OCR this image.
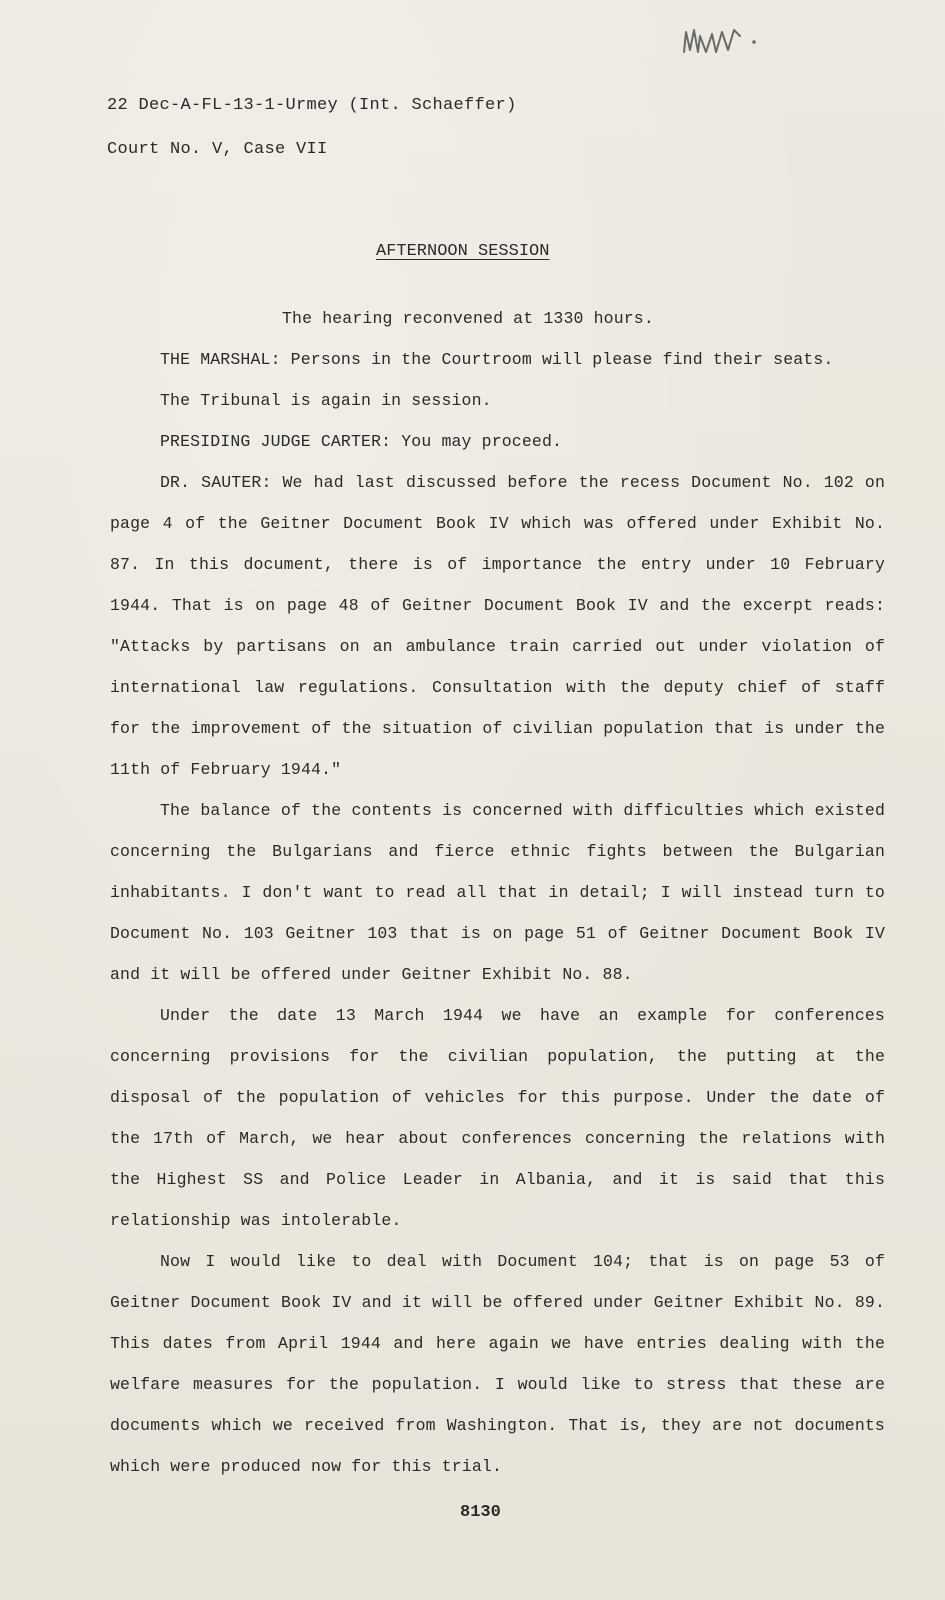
22 Dec-A-FL-13-1-Urmey (Int. Schaeffer)
Court No. V, Case VII
AFTERNOON SESSION

The hearing reconvened at 1330 hours.

THE MARSHAL: Persons in the Courtroom will please find their seats.

The Tribunal is again in session.

PRESIDING JUDGE CARTER: You may proceed.

DR. SAUTER: We had last discussed before the recess Document No. 102 on page 4 of the Geitner Document Book IV which was offered under Exhibit No. 87. In this document, there is of importance the entry under 10 February 1944. That is on page 48 of Geitner Document Book IV and the excerpt reads: "Attacks by partisans on an ambulance train carried out under violation of international law regulations. Consultation with the deputy chief of staff for the improvement of the situation of civilian population that is under the 11th of February 1944."

The balance of the contents is concerned with difficulties which existed concerning the Bulgarians and fierce ethnic fights between the Bulgarian inhabitants. I don't want to read all that in detail; I will instead turn to Document No. 103 Geitner 103 that is on page 51 of Geitner Document Book IV and it will be offered under Geitner Exhibit No. 88.

Under the date 13 March 1944 we have an example for conferences concerning provisions for the civilian population, the putting at the disposal of the population of vehicles for this purpose. Under the date of the 17th of March, we hear about conferences concerning the relations with the Highest SS and Police Leader in Albania, and it is said that this relationship was intolerable.

Now I would like to deal with Document 104; that is on page 53 of Geitner Document Book IV and it will be offered under Geitner Exhibit No. 89. This dates from April 1944 and here again we have entries dealing with the welfare measures for the population. I would like to stress that these are documents which we received from Washington. That is, they are not documents which were produced now for this trial.

8130
